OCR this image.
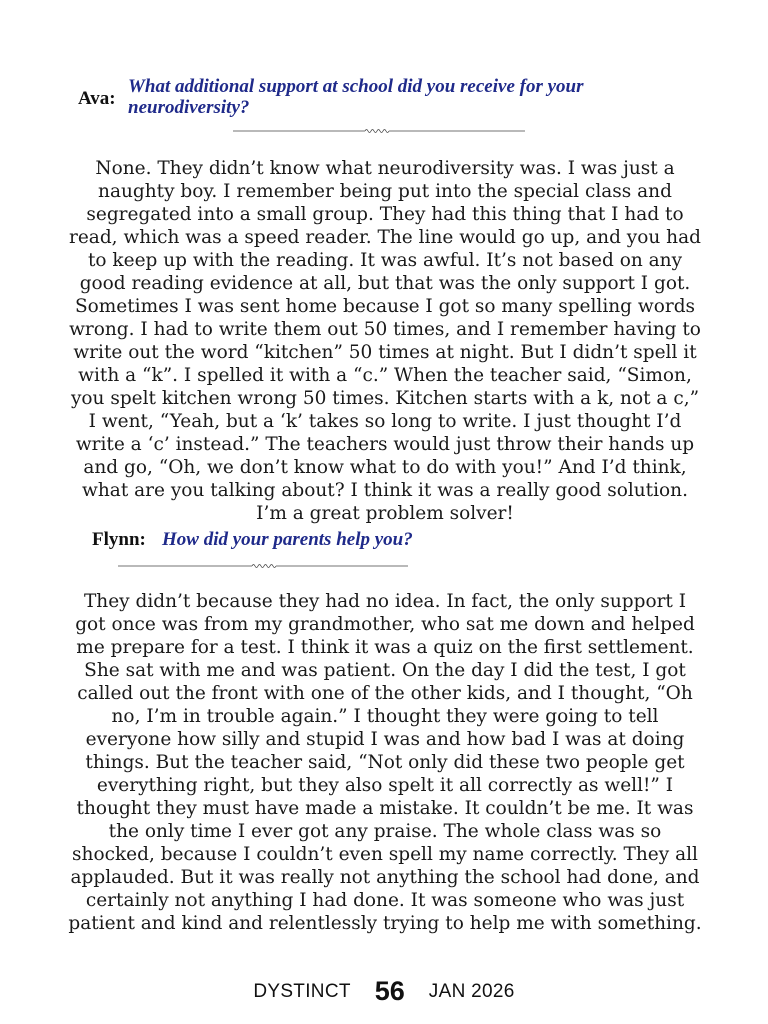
Ava:
What additional support at school did you receive for your
neurodiversity?

None. They didn’t know what neurodiversity was. I was just a naughty boy. I remember being put into the special class and segregated into a small group. They had this thing that I had to read, which was a speed reader. The line would go up, and you had to keep up with the reading. It was awful. It’s not based on any good reading evidence at all, but that was the only support I got. Sometimes I was sent home because I got so many spelling words wrong. I had to write them out 50 times, and I remember having to write out the word “kitchen” 50 times at night. But I didn’t spell it with a “k”. I spelled it with a “c.” When the teacher said, “Simon, you spelt kitchen wrong 50 times. Kitchen starts with a k, not a c,” I went, “Yeah, but a ‘k’ takes so long to write. I just thought I’d write a ‘c’ instead.” The teachers would just throw their hands up and go, “Oh, we don’t know what to do with you!” And I’d think, what are you talking about? I think it was a really good solution. I’m a great problem solver!

Flynn: How did your parents help you?

They didn’t because they had no idea. In fact, the only support I got once was from my grandmother, who sat me down and helped me prepare for a test. I think it was a quiz on the first settlement. She sat with me and was patient. On the day I did the test, I got called out the front with one of the other kids, and I thought, “Oh no, I’m in trouble again.” I thought they were going to tell everyone how silly and stupid I was and how bad I was at doing things. But the teacher said, “Not only did these two people get everything right, but they also spelt it all correctly as well!” I thought they must have made a mistake. It couldn’t be me. It was the only time I ever got any praise. The whole class was so shocked, because I couldn’t even spell my name correctly. They all applauded. But it was really not anything the school had done, and certainly not anything I had done. It was someone who was just patient and kind and relentlessly trying to help me with something.

DYSTINCT 56 JAN 2026
